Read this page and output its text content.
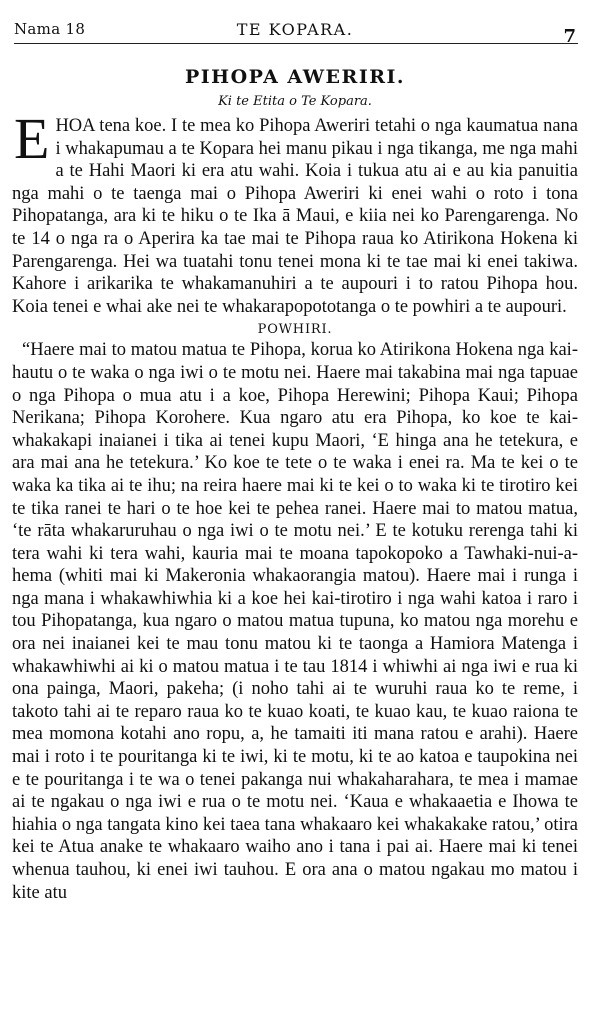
Nama 18	TE KOPARA.	7
PIHOPA AWERIRI.
Ki te Etita o Te Kopara.

EHOA tena koe. I te mea ko Pihopa Aweriri tetahi o nga kaumatua nana i whakapumau a te Kopara hei manu pikau i nga tikanga, me nga mahi a te Hahi Maori ki era atu wahi. Koia i tukua atu ai e au kia panuitia nga mahi o te taenga mai o Pihopa Aweriri ki enei wahi o roto i tona Pihopatanga, ara ki te hiku o te Ika ā Maui, e kiia nei ko Parengarenga. No te 14 o nga ra o Aperira ka tae mai te Pihopa raua ko Atirikona Hokena ki Parengarenga. Hei wa tuatahi tonu tenei mona ki te tae mai ki enei takiwa. Kahore i arikarika te whakamanuhiri a te aupouri i to ratou Pihopa hou. Koia tenei e whai ake nei te whakarapopototanga o te powhiri a te aupouri.

POWHIRI.

“Haere mai to matou matua te Pihopa, korua ko Atirikona Hokena nga kai-hautu o te waka o nga iwi o te motu nei. Haere mai takabina mai nga tapuae o nga Pihopa o mua atu i a koe, Pihopa Herewini; Pihopa Kaui; Pihopa Nerikana; Pihopa Korohere. Kua ngaro atu era Pihopa, ko koe te kai-whakakapi inaianei i tika ai tenei kupu Maori, ‘E hinga ana he tetekura, e ara mai ana he tetekura.’ Ko koe te tete o te waka i enei ra. Ma te kei o te waka ka tika ai te ihu; na reira haere mai ki te kei o to waka ki te tirotiro kei te tika ranei te hari o te hoe kei te pehea ranei. Haere mai to matou matua, ‘te rāta whakaruruhau o nga iwi o te motu nei.’ E te kotuku rerenga tahi ki tera wahi ki tera wahi, kauria mai te moana tapokopoko a Tawhaki-nui-a-hema (whiti mai ki Makeronia whakaorangia matou). Haere mai i runga i nga mana i whakawhiwhia ki a koe hei kai-tirotiro i nga wahi katoa i raro i tou Pihopatanga, kua ngaro o matou matua tupuna, ko matou nga morehu e ora nei inaianei kei te mau tonu matou ki te taonga a Hamiora Matenga i whakawhiwhi ai ki o matou matua i te tau 1814 i whiwhi ai nga iwi e rua ki ona painga, Maori, pakeha; (i noho tahi ai te wuruhi raua ko te reme, i takoto tahi ai te reparo raua ko te kuao koati, te kuao kau, te kuao raiona te mea momona kotahi ano ropu, a, he tamaiti iti mana ratou e arahi). Haere mai i roto i te pouritanga ki te iwi, ki te motu, ki te ao katoa e taupokina nei e te pouritanga i te wa o tenei pakanga nui whakaharahara, te mea i mamae ai te ngakau o nga iwi e rua o te motu nei. ‘Kaua e whakaaetia e Ihowa te hiahia o nga tangata kino kei taea tana whakaaro kei whakakake ratou,’ otira kei te Atua anake te whakaaro waiho ano i tana i pai ai. Haere mai ki tenei whenua tauhou, ki enei iwi tauhou. E ora ana o matou ngakau mo matou i kite atu
